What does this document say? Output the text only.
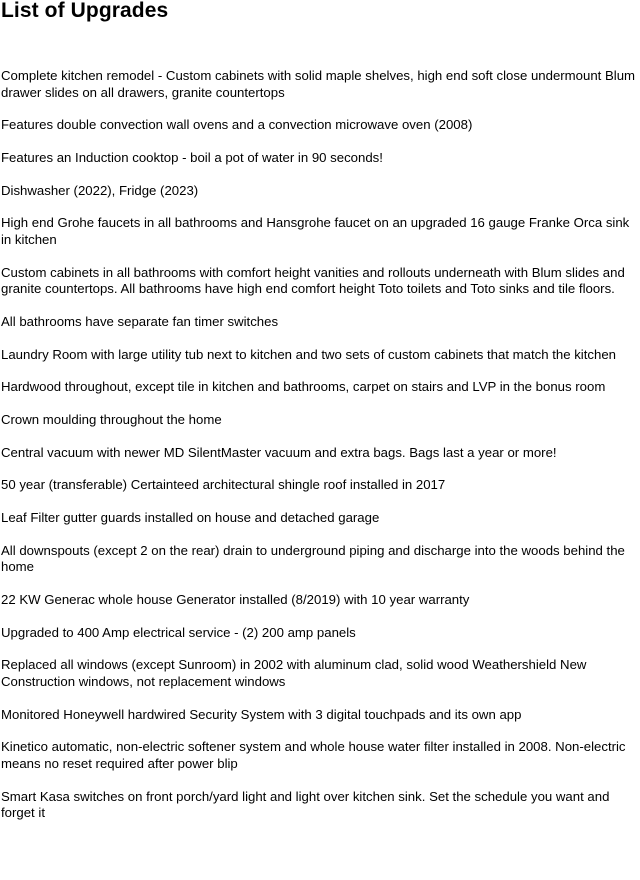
List of Upgrades
Complete kitchen remodel - Custom cabinets with solid maple shelves, high end soft close undermount Blum drawer slides on all drawers, granite countertops
Features double convection wall ovens and a convection microwave oven (2008)
Features an Induction cooktop - boil a pot of water in 90 seconds!
Dishwasher (2022), Fridge (2023)
High end Grohe faucets in all bathrooms and Hansgrohe faucet on an upgraded 16 gauge Franke Orca sink in kitchen
Custom cabinets in all bathrooms with comfort height vanities and rollouts underneath with Blum slides and granite countertops. All bathrooms have high end comfort height Toto toilets and Toto sinks and tile floors.
All bathrooms have separate fan timer switches
Laundry Room with large utility tub next to kitchen and two sets of custom cabinets that match the kitchen
Hardwood throughout, except tile in kitchen and bathrooms, carpet on stairs and LVP in the bonus room
Crown moulding throughout the home
Central vacuum with newer MD SilentMaster vacuum and extra bags. Bags last a year or more!
50 year (transferable) Certainteed architectural shingle roof installed in 2017
Leaf Filter gutter guards installed on house and detached garage
All downspouts (except 2 on the rear) drain to underground piping and discharge into the woods behind the home
22 KW Generac whole house Generator installed (8/2019) with 10 year warranty
Upgraded to 400 Amp electrical service - (2) 200 amp panels
Replaced all windows (except Sunroom) in 2002 with aluminum clad, solid wood Weathershield New Construction windows, not replacement windows
Monitored Honeywell hardwired Security System with 3 digital touchpads and its own app
Kinetico automatic, non-electric softener system and whole house water filter installed in 2008. Non-electric means no reset required after power blip
Smart Kasa switches on front porch/yard light and light over kitchen sink. Set the schedule you want and forget it
